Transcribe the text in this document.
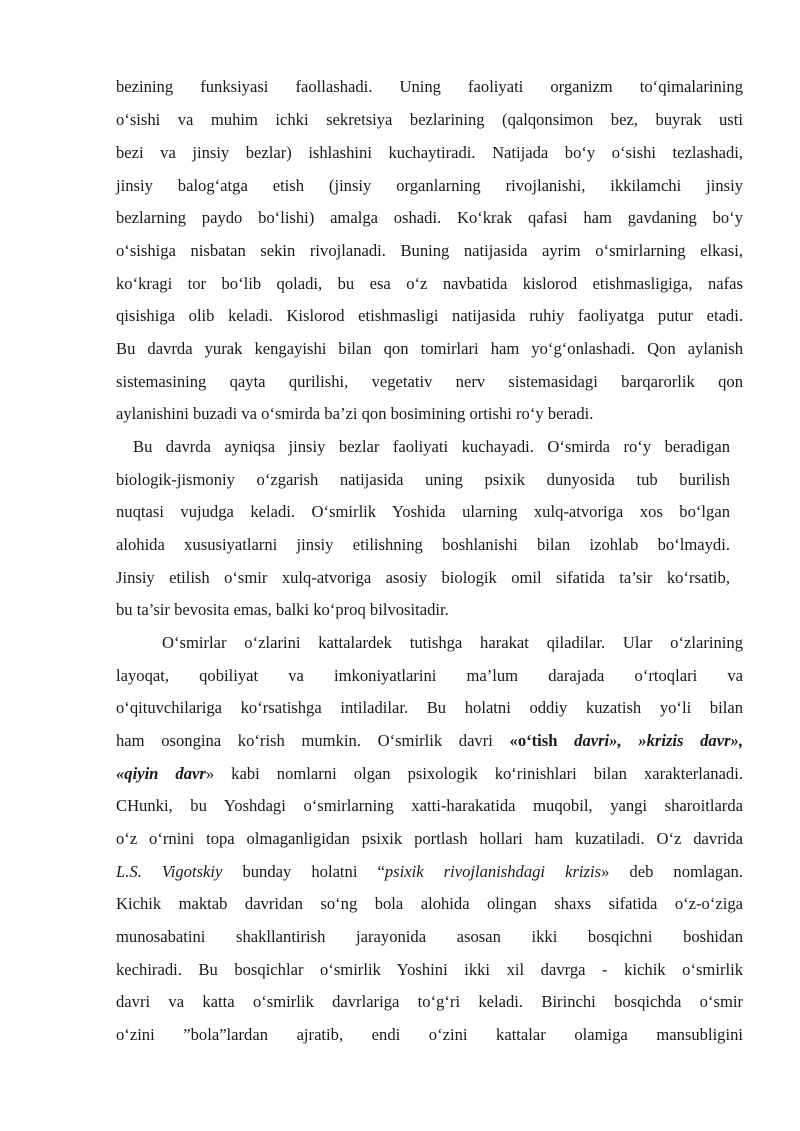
bezining funksiyasi faollashadi. Uning faoliyati organizm to‘qimalarining
o‘sishi va muhim ichki sekretsiya bezlarining (qalqonsimon bez, buyrak usti
bezi va jinsiy bezlar) ishlashini kuchaytiradi. Natijada bo‘y o‘sishi tezlashadi,
jinsiy balog‘atga etish (jinsiy organlarning rivojlanishi, ikkilamchi jinsiy
bezlarning paydo bo‘lishi) amalga oshadi. Ko‘krak qafasi ham gavdaning bo‘y
o‘sishiga nisbatan sekin rivojlanadi. Buning natijasida ayrim o‘smirlarning elkasi,
ko‘kragi tor bo‘lib qoladi, bu esa o‘z navbatida kislorod etishmasligiga, nafas
qisishiga olib keladi. Kislorod etishmasligi natijasida ruhiy faoliyatga putur etadi.
Bu davrda yurak kengayishi bilan qon tomirlari ham yo‘g‘onlashadi. Qon aylanish
sistemasining qayta qurilishi, vegetativ nerv sistemasidagi barqarorlik qon
aylanishini buzadi va o‘smirda ba’zi qon bosimining ortishi ro‘y beradi.
Bu davrda ayniqsa jinsiy bezlar faoliyati kuchayadi. O‘smirda ro‘y beradigan
biologik-jismoniy o‘zgarish natijasida uning psixik dunyosida tub burilish
nuqtasi vujudga keladi. O‘smirlik Yoshida ularning xulq-atvoriga xos bo‘lgan
alohida xususiyatlarni jinsiy etilishning boshlanishi bilan izohlab bo‘lmaydi.
Jinsiy etilish o‘smir xulq-atvoriga asosiy biologik omil sifatida ta’sir ko‘rsatib,
bu ta’sir bevosita emas, balki ko‘proq bilvositadir.
O‘smirlar o‘zlarini kattalardek tutishga harakat qiladilar. Ular o‘zlarining
layoqat, qobiliyat va imkoniyatlarini ma’lum darajada o‘rtoqlari va
o‘qituvchilariga ko‘rsatishga intiladilar. Bu holatni oddiy kuzatish yo‘li bilan
ham osongina ko‘rish mumkin. O‘smirlik davri «o‘tish davri», »krizis davr»,
«qiyin davr» kabi nomlarni olgan psixologik ko‘rinishlari bilan xarakterlanadi.
CHunki, bu Yoshdagi o‘smirlarning xatti-harakatida muqobil, yangi sharoitlarda
o‘z o‘rnini topa olmaganligidan psixik portlash hollari ham kuzatiladi. O‘z davrida
L.S. Vigotskiy bunday holatni “psixik rivojlanishdagi krizis» deb nomlagan.
Kichik maktab davridan so‘ng bola alohida olingan shaxs sifatida o‘z-o‘ziga
munosabatini shakllantirish jarayonida asosan ikki bosqichni boshidan
kechiradi. Bu bosqichlar o‘smirlik Yoshini ikki xil davrga - kichik o‘smirlik
davri va katta o‘smirlik davrlariga to‘g‘ri keladi. Birinchi bosqichda o‘smir
o‘zini ”bola”lardan ajratib, endi o‘zini kattalar olamiga mansubligini
